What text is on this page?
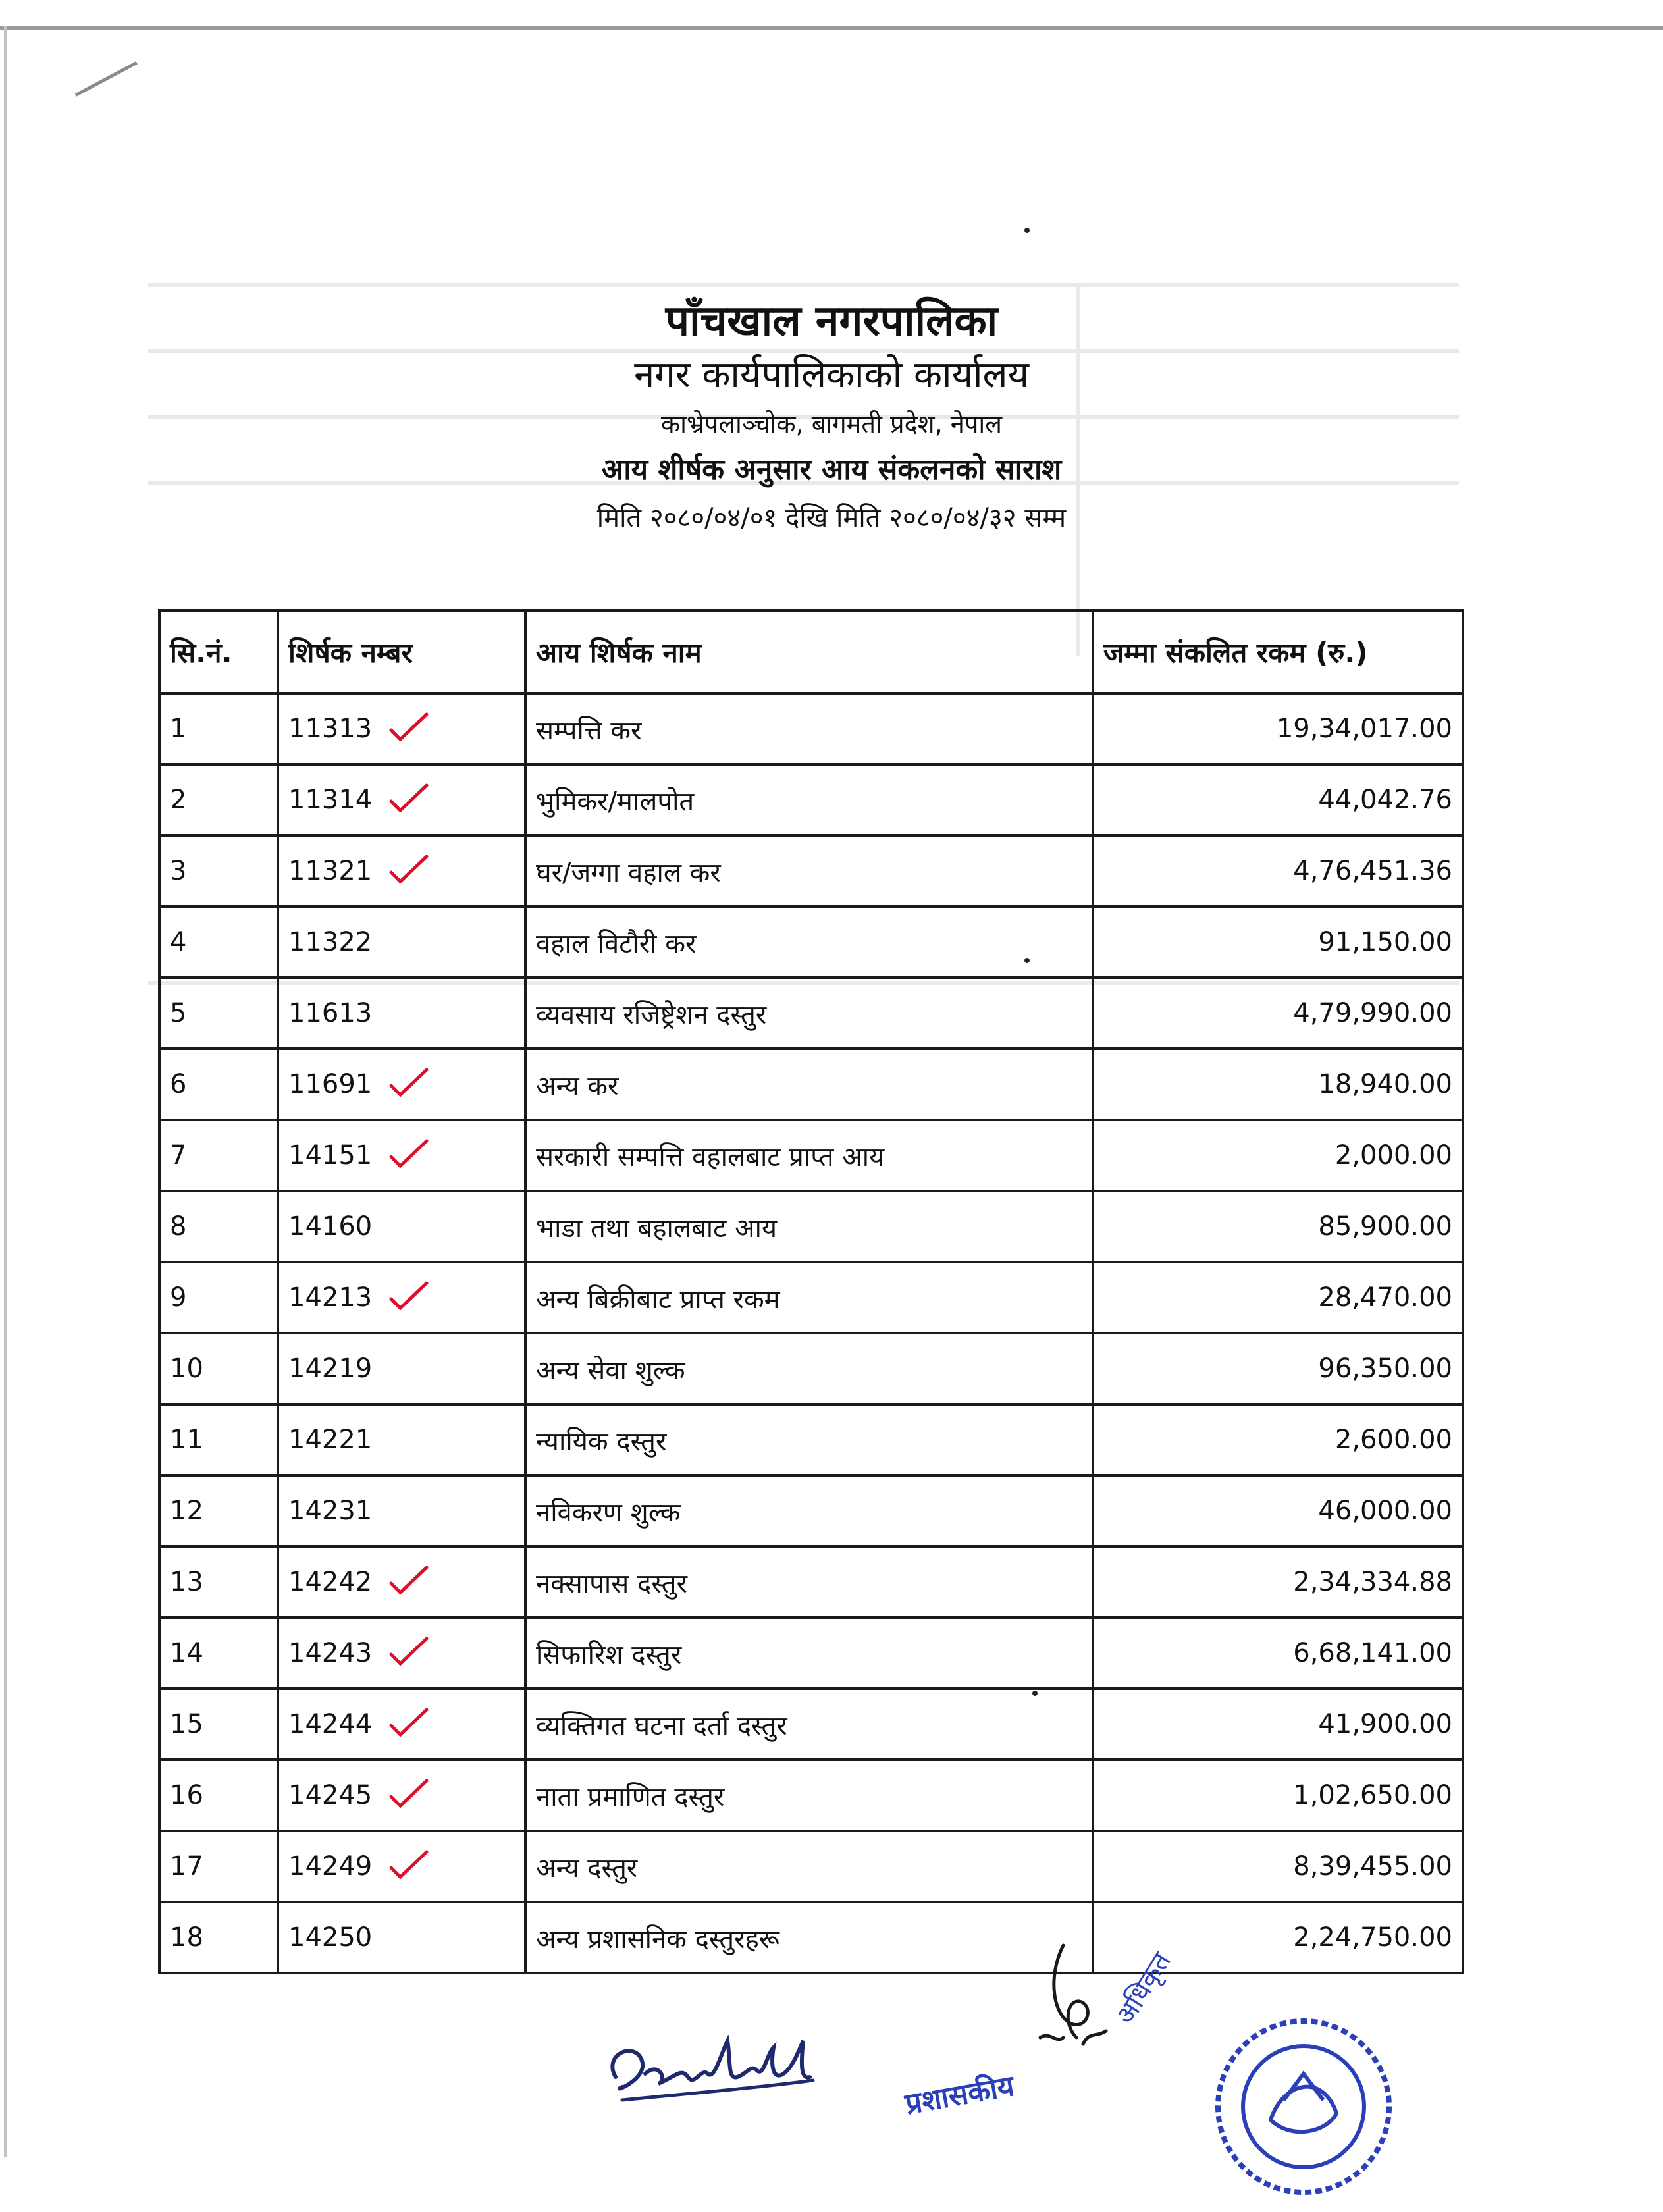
पाँचखाल नगरपालिका
नगर कार्यपालिकाको कार्यालय
काभ्रेपलाञ्चोक, बागमती प्रदेश, नेपाल
आय शीर्षक अनुसार आय संकलनको साराश
मिति २०८०/०४/०१ देखि मिति २०८०/०४/३२ सम्म
सि.नं.	शिर्षक नम्बर	आय शिर्षक नाम	जम्मा संकलित रकम (रु.)
1	11313	सम्पत्ति कर	19,34,017.00
2	11314	भुमिकर/मालपोत	44,042.76
3	11321	घर/जग्गा वहाल कर	4,76,451.36
4	11322	वहाल विटौरी कर	91,150.00
5	11613	व्यवसाय रजिष्ट्रेशन दस्तुर	4,79,990.00
6	11691	अन्य कर	18,940.00
7	14151	सरकारी सम्पत्ति वहालबाट प्राप्त आय	2,000.00
8	14160	भाडा तथा बहालबाट आय	85,900.00
9	14213	अन्य बिक्रीबाट प्राप्त रकम	28,470.00
10	14219	अन्य सेवा शुल्क	96,350.00
11	14221	न्यायिक दस्तुर	2,600.00
12	14231	नविकरण शुल्क	46,000.00
13	14242	नक्सापास दस्तुर	2,34,334.88
14	14243	सिफारिश दस्तुर	6,68,141.00
15	14244	व्यक्तिगत घटना दर्ता दस्तुर	41,900.00
16	14245	नाता प्रमाणित दस्तुर	1,02,650.00
17	14249	अन्य दस्तुर	8,39,455.00
18	14250	अन्य प्रशासनिक दस्तुरहरू	2,24,750.00
प्रशासकीय
अधिकृत
